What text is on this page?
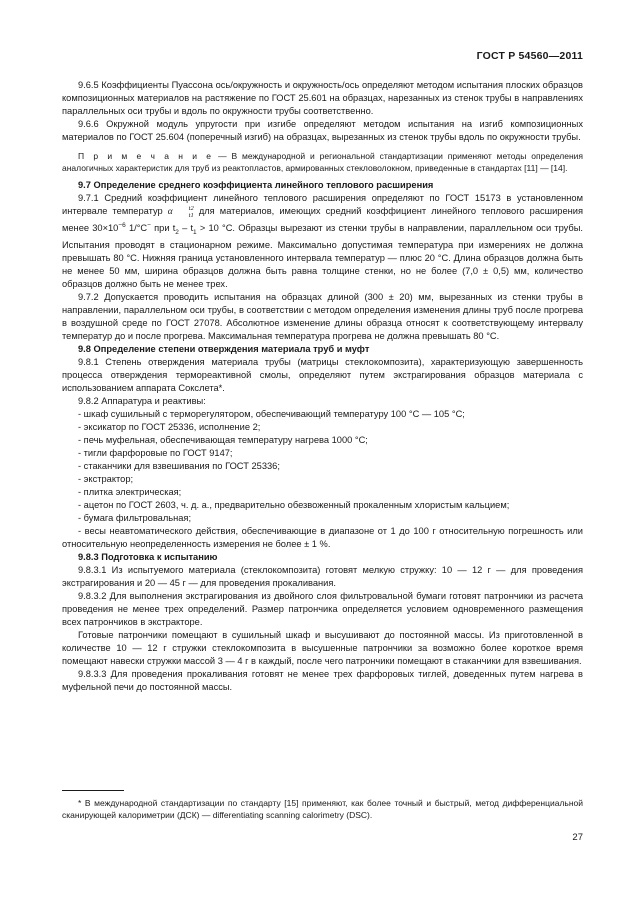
ГОСТ Р 54560—2011

9.6.5 Коэффициенты Пуассона ось/окружность и окружность/ось определяют методом испытания плоских образцов композиционных материалов на растяжение по ГОСТ 25.601 на образцах, нарезанных из стенок трубы в направлениях параллельных оси трубы и вдоль по окружности трубы соответственно.

9.6.6 Окружной модуль упругости при изгибе определяют методом испытания на изгиб композиционных материалов по ГОСТ 25.604 (поперечный изгиб) на образцах, вырезанных из стенок трубы вдоль по окружности трубы.

П р и м е ч а н и е — В международной и региональной стандартизации применяют методы определения аналогичных характеристик для труб из реактопластов, армированных стекловолокном, приведенные в стандартах [11] — [14].

9.7 Определение среднего коэффициента линейного теплового расширения

9.7.1 Средний коэффициент линейного теплового расширения определяют по ГОСТ 15173 в установленном интервале температур α	t2
t1 для материалов, имеющих средний коэффициент линейного теплового расширения менее $30\times 10^{-6}$ 1/°С− при $t_2 - t_1 > 10$ °С. Образцы вырезают из стенки трубы в направлении, параллельном оси трубы. Испытания проводят в стационарном режиме. Максимально допустимая температура при измерениях не должна превышать 80 °С. Нижняя граница установленного интервала температур — плюс 20 °С. Длина образцов должна быть не менее 50 мм, ширина образцов должна быть равна толщине стенки, но не более (7,0 ± 0,5) мм, количество образцов должно быть не менее трех.

9.7.2 Допускается проводить испытания на образцах длиной (300 ± 20) мм, вырезанных из стенки трубы в направлении, параллельном оси трубы, в соответствии с методом определения изменения длины труб после прогрева в воздушной среде по ГОСТ 27078. Абсолютное изменение длины образца относят к соответствующему интервалу температур до и после прогрева. Максимальная температура прогрева не должна превышать 80 °С.

9.8 Определение степени отверждения материала труб и муфт

9.8.1 Степень отверждения материала трубы (матрицы стеклокомпозита), характеризующую завершенность процесса отверждения термореактивной смолы, определяют путем экстрагирования образцов материала с использованием аппарата Сокслета*.

9.8.2 Аппаратура и реактивы:

- шкаф сушильный с терморегулятором, обеспечивающий температуру 100 °С — 105 °С;

- эксикатор по ГОСТ 25336, исполнение 2;

- печь муфельная, обеспечивающая температуру нагрева 1000 °С;

- тигли фарфоровые по ГОСТ 9147;

- стаканчики для взвешивания по ГОСТ 25336;

- экстрактор;

- плитка электрическая;

- ацетон по ГОСТ 2603, ч. д. а., предварительно обезвоженный прокаленным хлористым кальцием;

- бумага фильтровальная;

- весы неавтоматического действия, обеспечивающие в диапазоне от 1 до 100 г относительную погрешность или относительную неопределенность измерения не более ± 1 %.

9.8.3 Подготовка к испытанию

9.8.3.1 Из испытуемого материала (стеклокомпозита) готовят мелкую стружку: 10 — 12 г — для проведения экстрагирования и 20 — 45 г — для проведения прокаливания.

9.8.3.2 Для выполнения экстрагирования из двойного слоя фильтровальной бумаги готовят патрончики из расчета проведения не менее трех определений. Размер патрончика определяется условием одновременного размещения всех патрончиков в экстракторе.

Готовые патрончики помещают в сушильный шкаф и высушивают до постоянной массы. Из приготовленной в количестве 10 — 12 г стружки стеклокомпозита в высушенные патрончики за возможно более короткое время помещают навески стружки массой 3 — 4 г в каждый, после чего патрончики помещают в стаканчики для взвешивания.

9.8.3.3 Для проведения прокаливания готовят не менее трех фарфоровых тиглей, доведенных путем нагрева в муфельной печи до постоянной массы.

* В международной стандартизации по стандарту [15] применяют, как более точный и быстрый, метод дифференциальной сканирующей калориметрии (ДСК) — differentiating scanning calorimetry (DSC).

27
